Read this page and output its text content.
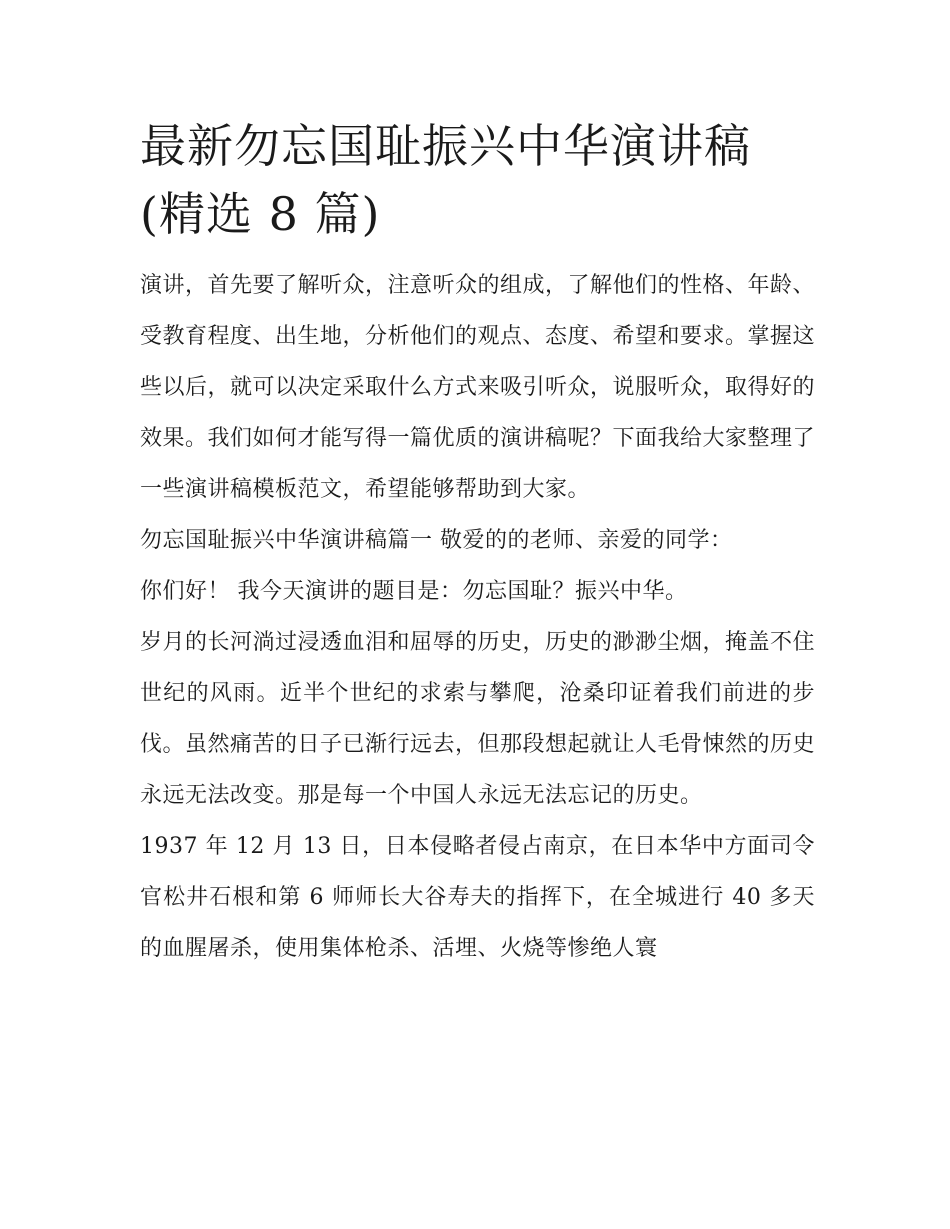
最新勿忘国耻振兴中华演讲稿(精选 8 篇)

演讲，首先要了解听众，注意听众的组成，了解他们的性格、年龄、受教育程度、出生地，分析他们的观点、态度、希望和要求。掌握这些以后，就可以决定采取什么方式来吸引听众，说服听众，取得好的效果。我们如何才能写得一篇优质的演讲稿呢？下面我给大家整理了一些演讲稿模板范文，希望能够帮助到大家。

勿忘国耻振兴中华演讲稿篇一 敬爱的的老师、亲爱的同学：

你们好！ 我今天演讲的题目是：勿忘国耻？振兴中华。

岁月的长河淌过浸透血泪和屈辱的历史，历史的渺渺尘烟，掩盖不住世纪的风雨。近半个世纪的求索与攀爬，沧桑印证着我们前进的步伐。虽然痛苦的日子已渐行远去，但那段想起就让人毛骨悚然的历史永远无法改变。那是每一个中国人永远无法忘记的历史。

1937 年 12 月 13 日，日本侵略者侵占南京，在日本华中方面司令官松井石根和第 6 师师长大谷寿夫的指挥下，在全城进行 40 多天的血腥屠杀，使用集体枪杀、活埋、火烧等惨绝人寰
